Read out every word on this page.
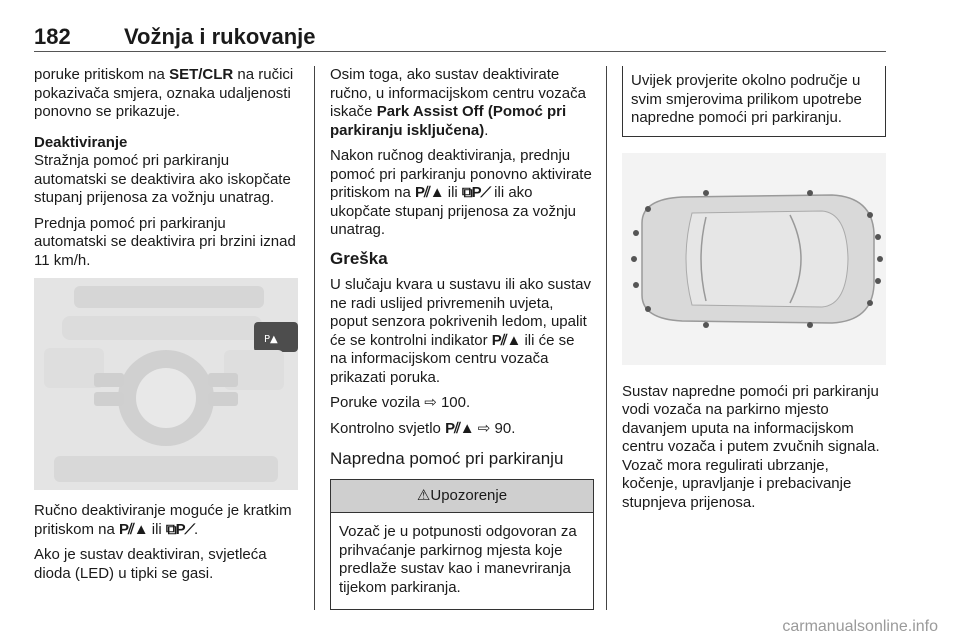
182 Vožnja i rukovanje

poruke pritiskom na SET/CLR na ručici pokazivača smjera, oznaka udaljenosti ponovno se prikazuje.

Deaktiviranje

Stražnja pomoć pri parkiranju automatski se deaktivira ako iskopčate stupanj prijenosa za vožnju unatrag.

Prednja pomoć pri parkiranju automatski se deaktivira pri brzini iznad 11 km/h.

P▲

Ručno deaktiviranje moguće je kratkim pritiskom na P⫽▲ ili ⧉P⟋.

Ako je sustav deaktiviran, svjetleća dioda (LED) u tipki se gasi.

Osim toga, ako sustav deaktivirate ručno, u informacijskom centru vozača iskače Park Assist Off (Pomoć pri parkiranju isključena).

Nakon ručnog deaktiviranja, prednju pomoć pri parkiranju ponovno aktivirate pritiskom na P⫽▲ ili ⧉P⟋ ili ako ukopčate stupanj prijenosa za vožnju unatrag.

Greška

U slučaju kvara u sustavu ili ako sustav ne radi uslijed privremenih uvjeta, poput senzora pokrivenih ledom, upalit će se kontrolni indikator P⫽▲ ili će se na informacijskom centru vozača prikazati poruka.

Poruke vozila ⇨ 100.

Kontrolno svjetlo P⫽▲ ⇨ 90.

Napredna pomoć pri parkiranju
⚠Upozorenje
Vozač je u potpunosti odgovoran za prihvaćanje parkirnog mjesta koje predlaže sustav kao i manevriranja tijekom parkiranja.
Uvijek provjerite okolno područje u svim smjerovima prilikom upotrebe napredne pomoći pri parkiranju.

Sustav napredne pomoći pri parkiranju vodi vozača na parkirno mjesto davanjem uputa na informacijskom centru vozača i putem zvučnih signala. Vozač mora regulirati ubrzanje, kočenje, upravljanje i prebacivanje stupnjeva prijenosa.

carmanualsonline.info
